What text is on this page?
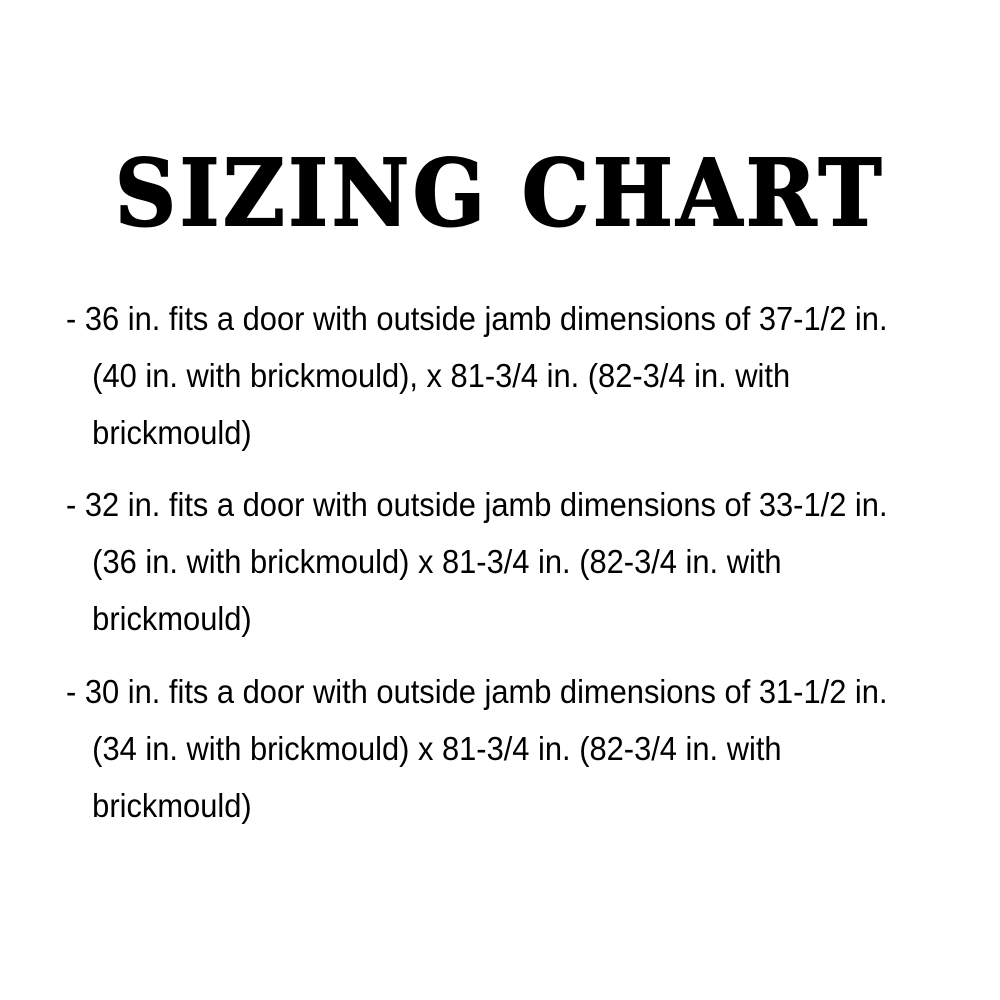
SIZING CHART
- 36 in. fits a door with outside jamb dimensions of 37-1/2 in.
(40 in. with brickmould), x 81-3/4 in. (82-3/4 in. with
brickmould)
- 32 in. fits a door with outside jamb dimensions of 33-1/2 in.
(36 in. with brickmould) x 81-3/4 in. (82-3/4 in. with
brickmould)
- 30 in. fits a door with outside jamb dimensions of 31-1/2 in.
(34 in. with brickmould) x 81-3/4 in. (82-3/4 in. with
brickmould)
